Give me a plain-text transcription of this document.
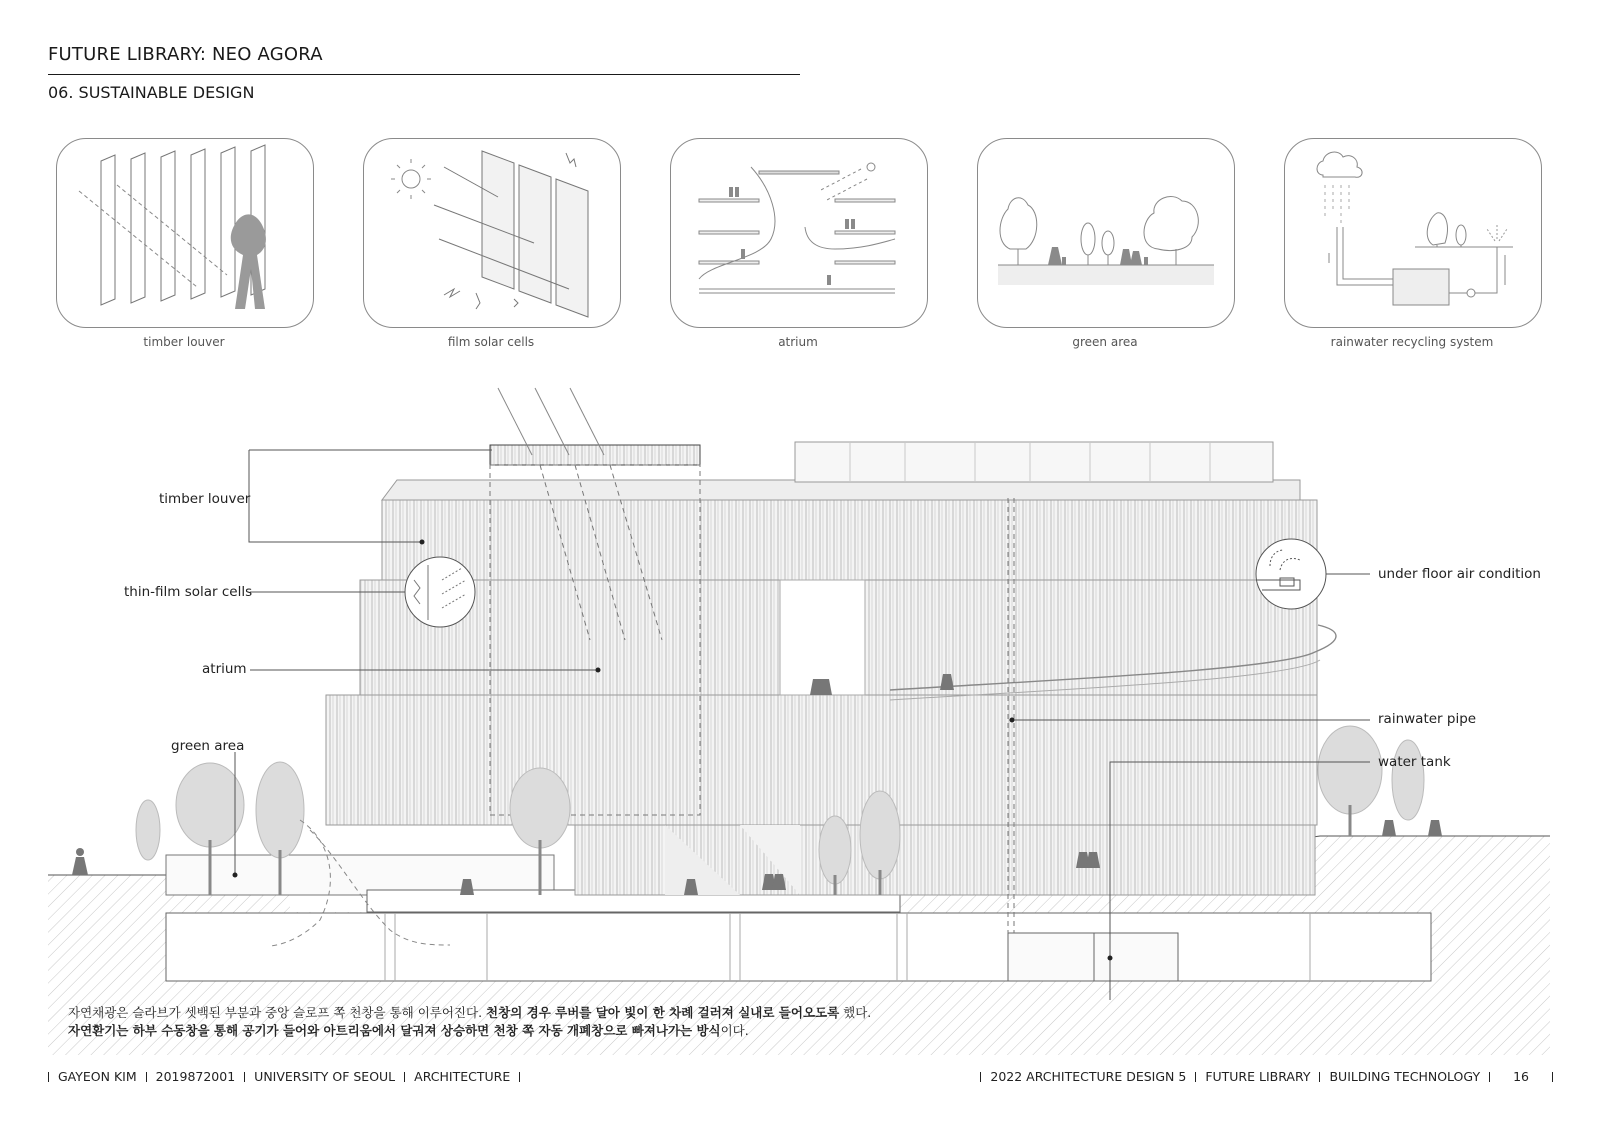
FUTURE LIBRARY: NEO AGORA
06. SUSTAINABLE DESIGN
timber louver	film solar cells	atrium	green area	rainwater recycling system
timber louver
thin-film solar cells
atrium
green area
under floor air condition
rainwater pipe
water tank
자연채광은 슬라브가 셋백된 부분과 중앙 슬로프 쪽 천창을 통해 이루어진다. 천창의 경우 루버를 달아 빛이 한 차례 걸러져 실내로 들어오도록 했다.
자연환기는 하부 수동창을 통해 공기가 들어와 아트리움에서 달궈져 상승하면 천창 쪽 자동 개폐창으로 빠져나가는 방식이다.
GAYEON KIM 2019872001 UNIVERSITY OF SEOUL ARCHITECTURE	2022 ARCHITECTURE DESIGN 5 FUTURE LIBRARY BUILDING TECHNOLOGY	16
